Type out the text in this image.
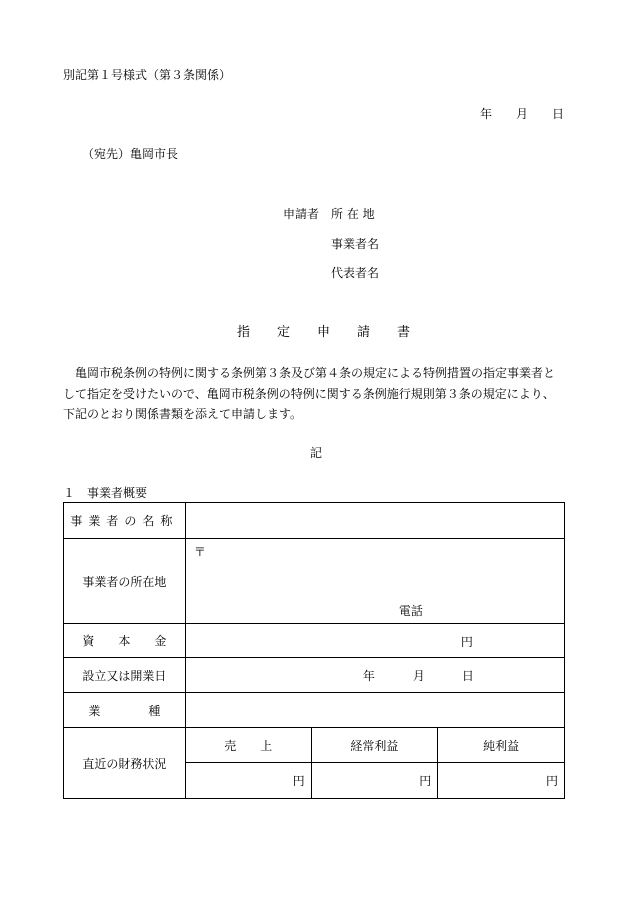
別記第１号様式（第３条関係）
年 月 日
（宛先）亀岡市長
申請者 所 在 地
事業者名
代表者名
指定申請書
　亀岡市税条例の特例に関する条例第３条及び第４条の規定による特例措置の指定事業者と
して指定を受けたいので、亀岡市税条例の特例に関する条例施行規則第３条の規定により、
下記のとおり関係書類を添えて申請します。
記
１　事業者概要
事業者の名称			
事業者の所在地	〒
電話		

資　　本　　金	円		

設立又は開業日	年 月 日		

業　　　　種			
直近の財務状況	売　　上	経常利益	純利益
	円	円	円
